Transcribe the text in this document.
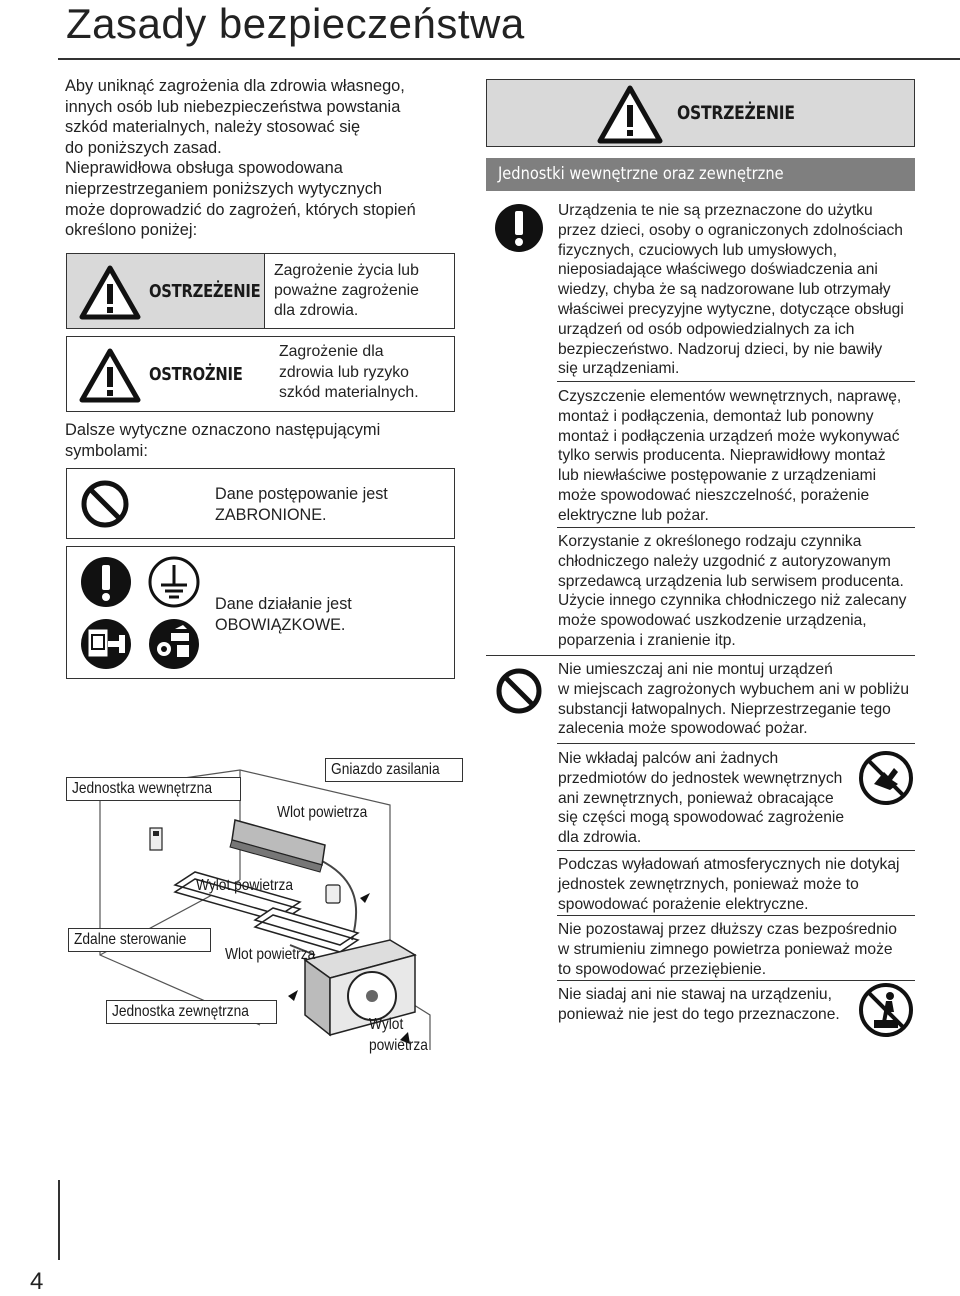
Zasady bezpieczeństwa
Aby uniknąć zagrożenia dla zdrowia własnego,
innych osób lub niebezpieczeństwa powstania
szkód materialnych, należy stosować się
do poniższych zasad.
Nieprawidłowa obsługa spowodowana
nieprzestrzeganiem poniższych wytycznych
może doprowadzić do zagrożeń, których stopień
określono poniżej:
OSTRZEŻENIE
Zagrożenie życia lub
poważne zagrożenie
dla zdrowia.
OSTROŻNIE
Zagrożenie dla
zdrowia lub ryzyko
szkód materialnych.
Dalsze wytyczne oznaczono następującymi
symbolami:
Dane postępowanie jest
ZABRONIONE.
Dane działanie jest
OBOWIĄZKOWE.
Jednostka wewnętrzna
Gniazdo zasilania
Wlot powietrza
Wylot powietrza
Zdalne sterowanie
Wlot powietrza
Jednostka zewnętrzna
Wylot
powietrza
OSTRZEŻENIE
Jednostki wewnętrzne oraz zewnętrzne
Urządzenia te nie są przeznaczone do użytku
przez dzieci, osoby o ograniczonych zdolnościach
fizycznych, czuciowych lub umysłowych,
nieposiadające właściwego doświadczenia ani
wiedzy, chyba że są nadzorowane lub otrzymały
właściwei precyzyjne wytyczne, dotyczące obsługi
urządzeń od osób odpowiedzialnych za ich
bezpieczeństwo. Nadzoruj dzieci, by nie bawiły
się urządzeniami.
Czyszczenie elementów wewnętrznych, naprawę,
montaż i podłączenia, demontaż lub ponowny
montaż i podłączenia urządzeń może wykonywać
tylko serwis producenta. Nieprawidłowy montaż
lub niewłaściwe postępowanie z urządzeniami
może spowodować nieszczelność, porażenie
elektryczne lub pożar.
Korzystanie z określonego rodzaju czynnika
chłodniczego należy uzgodnić z autoryzowanym
sprzedawcą urządzenia lub serwisem producenta.
Użycie innego czynnika chłodniczego niż zalecany
może spowodować uszkodzenie urządzenia,
poparzenia i zranienie itp.
Nie umieszczaj ani nie montuj urządzeń
w miejscach zagrożonych wybuchem ani w pobliżu
substancji łatwopalnych. Nieprzestrzeganie tego
zalecenia może spowodować pożar.
Nie wkładaj palców ani żadnych
przedmiotów do jednostek wewnętrznych
ani zewnętrznych, ponieważ obracające
się części mogą spowodować zagrożenie
dla zdrowia.
Podczas wyładowań atmosferycznych nie dotykaj
jednostek zewnętrznych, ponieważ może to
spowodować porażenie elektryczne.
Nie pozostawaj przez dłuższy czas bezpośrednio
w strumieniu zimnego powietrza ponieważ może
to spowodować przeziębienie.
Nie siadaj ani nie stawaj na urządzeniu,
ponieważ nie jest do tego przeznaczone.
4
